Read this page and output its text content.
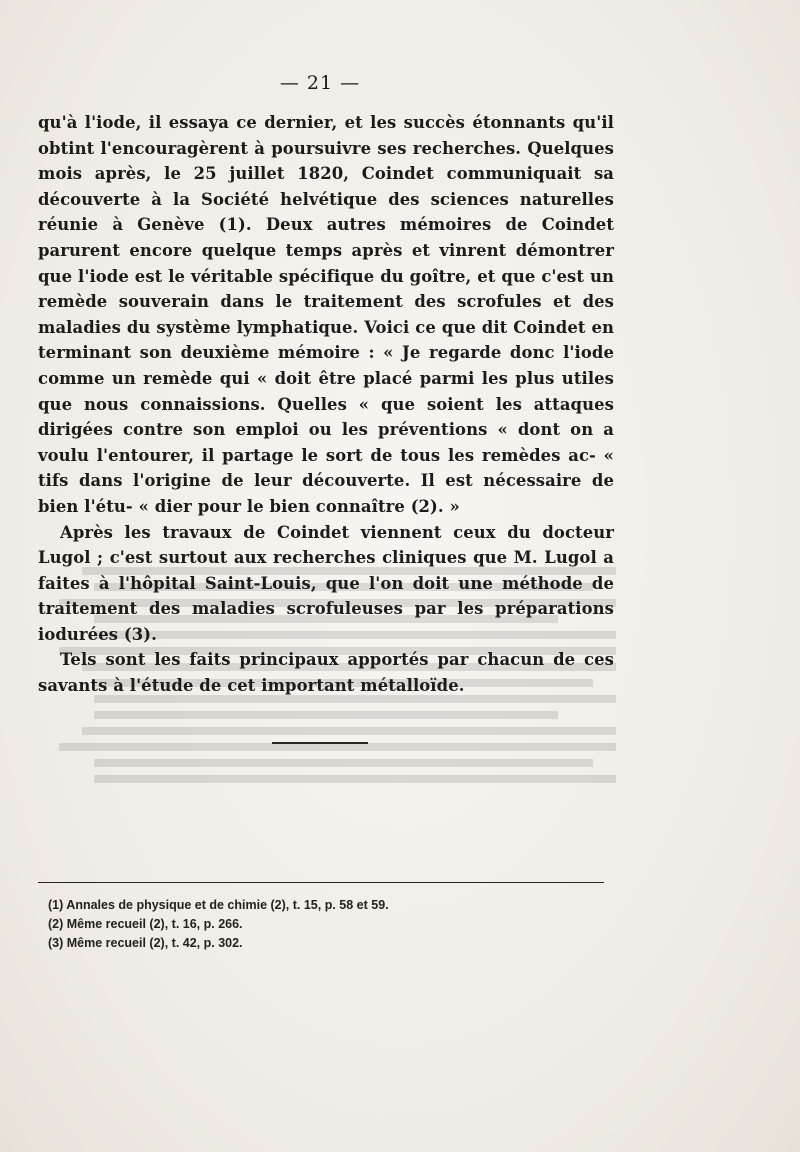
— 21 —

qu'à l'iode, il essaya ce dernier, et les succès étonnants qu'il obtint l'encouragèrent à poursuivre ses recherches. Quelques mois après, le 25 juillet 1820, Coindet communiquait sa découverte à la Société helvétique des sciences naturelles réunie à Genève (1). Deux autres mémoires de Coindet parurent encore quelque temps après et vinrent démontrer que l'iode est le véritable spécifique du goître, et que c'est un remède souverain dans le traitement des scrofules et des maladies du système lymphatique. Voici ce que dit Coindet en terminant son deuxième mémoire : « Je regarde donc l'iode comme un remède qui « doit être placé parmi les plus utiles que nous connaissions. Quelles « que soient les attaques dirigées contre son emploi ou les préventions « dont on a voulu l'entourer, il partage le sort de tous les remèdes ac- « tifs dans l'origine de leur découverte. Il est nécessaire de bien l'étu- « dier pour le bien connaître (2). »

Après les travaux de Coindet viennent ceux du docteur Lugol ; c'est surtout aux recherches cliniques que M. Lugol a faites à l'hôpital Saint-Louis, que l'on doit une méthode de traitement des maladies scrofuleuses par les préparations iodurées (3).

Tels sont les faits principaux apportés par chacun de ces savants à l'étude de cet important métalloïde.

(1) Annales de physique et de chimie (2), t. 15, p. 58 et 59.
(2) Même recueil (2), t. 16, p. 266.
(3) Même recueil (2), t. 42, p. 302.
